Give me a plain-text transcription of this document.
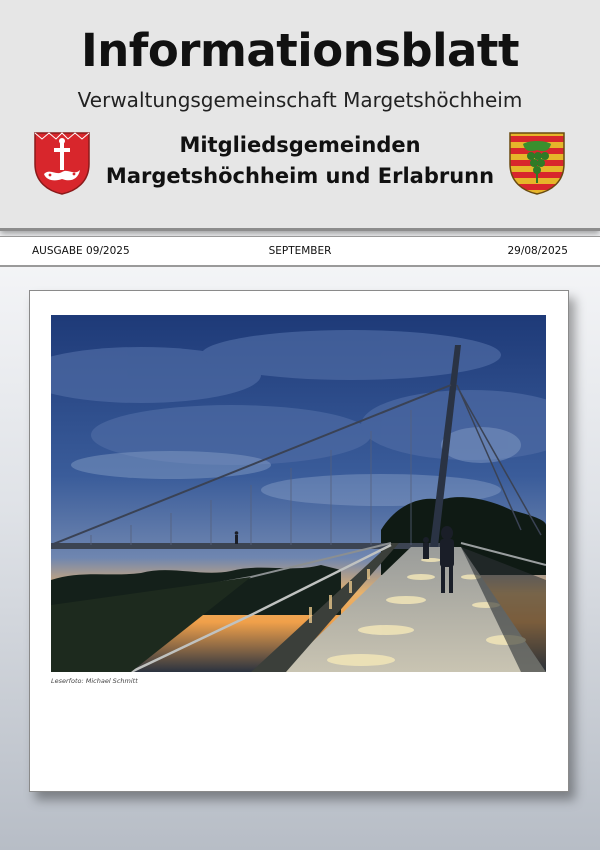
Informationsblatt
Verwaltungsgemeinschaft Margetshöchheim
Mitgliedsgemeinden
Margetshöchheim und Erlabrunn
AUSGABE 09/2025	SEPTEMBER	29/08/2025
Leserfoto: Michael Schmitt
